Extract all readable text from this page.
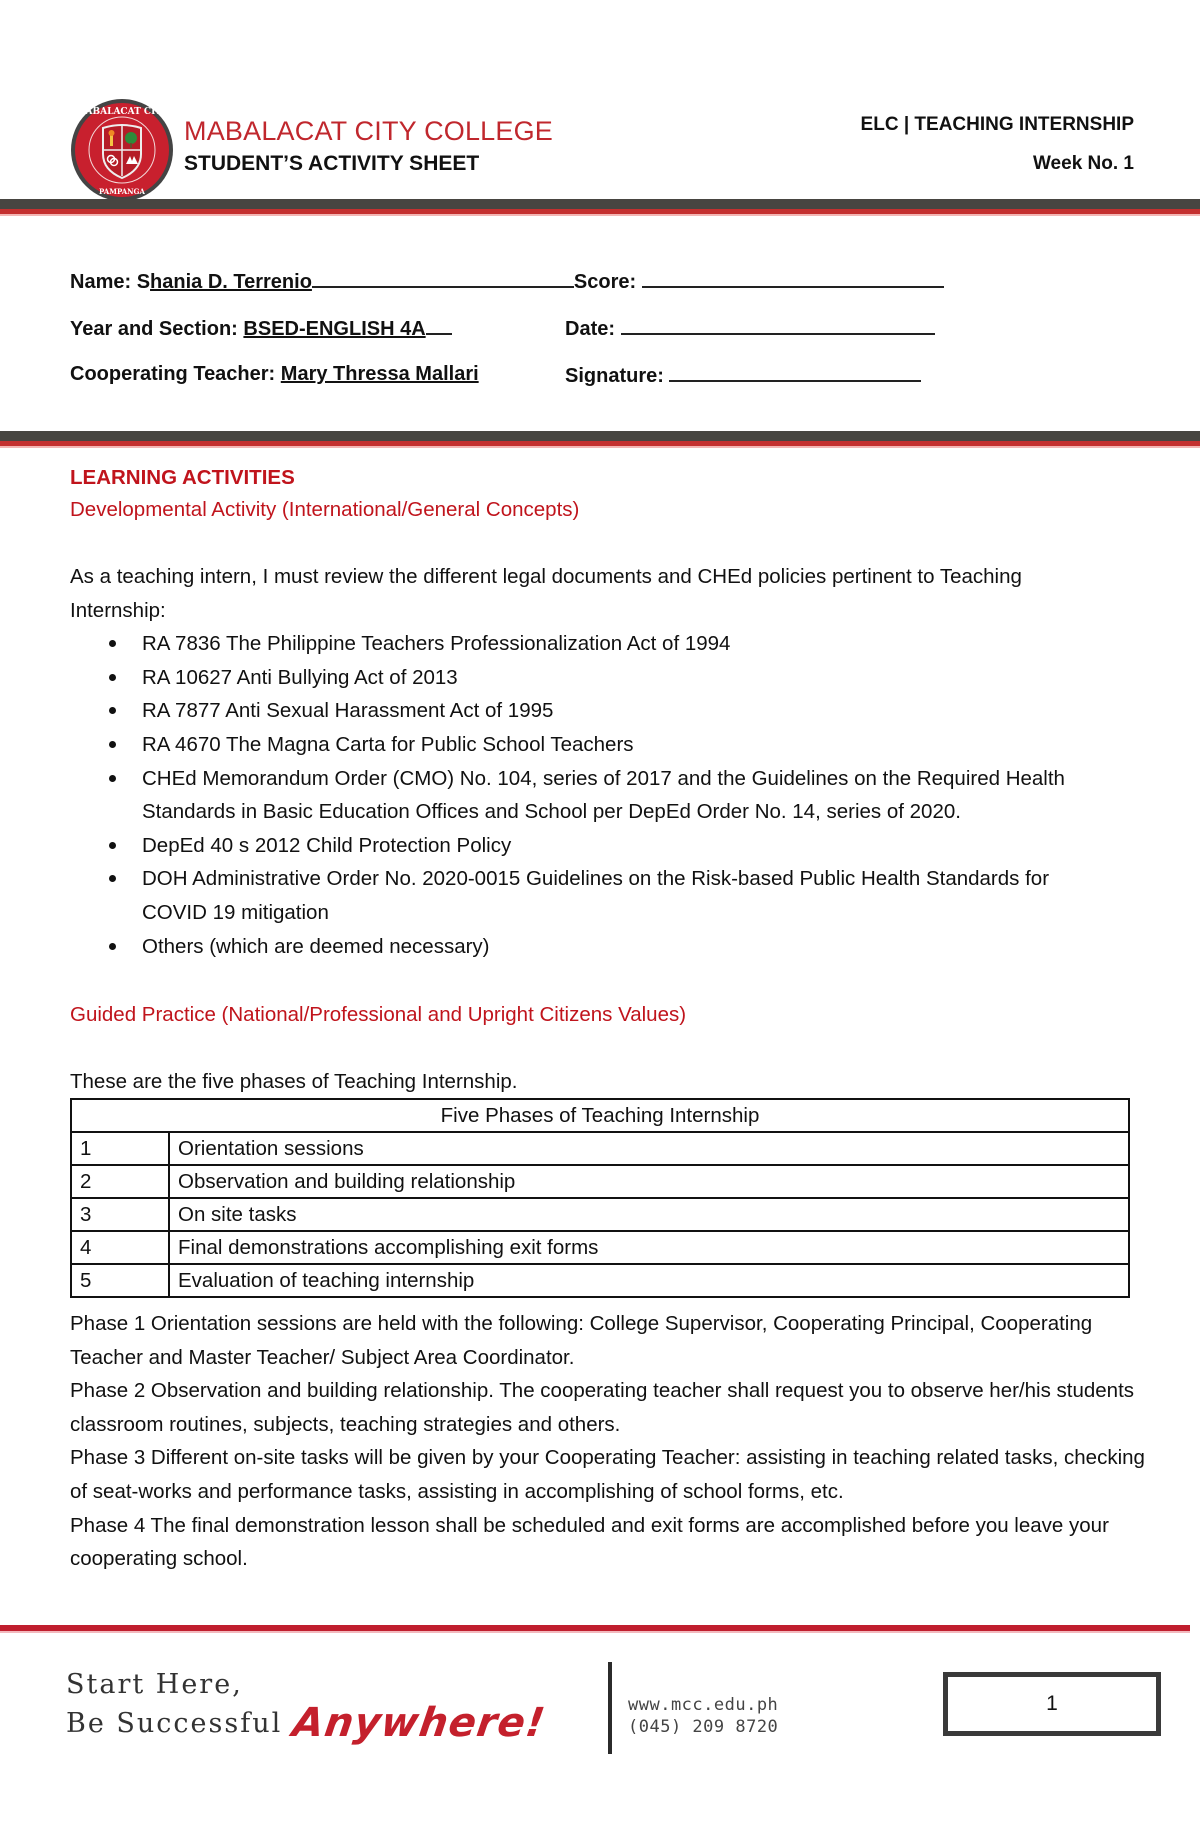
MABALACAT CITY
PAMPANGA
MABALACAT CITY COLLEGE
STUDENT’S ACTIVITY SHEET
ELC | TEACHING INTERNSHIP
Week No. 1
Name: Shania D. Terrenio	Score:
Year and Section: BSED-ENGLISH 4A	Date:
Cooperating Teacher: Mary Thressa Mallari	Signature:
LEARNING ACTIVITIES
Developmental Activity (International/General Concepts)
As a teaching intern, I must review the different legal documents and CHEd policies pertinent to Teaching Internship:
RA 7836 The Philippine Teachers Professionalization Act of 1994
RA 10627 Anti Bullying Act of 2013
RA 7877 Anti Sexual Harassment Act of 1995
RA 4670 The Magna Carta for Public School Teachers
CHEd Memorandum Order (CMO) No. 104, series of 2017 and the Guidelines on the Required Health Standards in Basic Education Offices and School per DepEd Order No. 14, series of 2020.
DepEd 40 s 2012 Child Protection Policy
DOH Administrative Order No. 2020-0015 Guidelines on the Risk-based Public Health Standards for COVID 19 mitigation
Others (which are deemed necessary)
Guided Practice (National/Professional and Upright Citizens Values)
These are the five phases of Teaching Internship.
Five Phases of Teaching Internship	
1	Orientation sessions
2	Observation and building relationship
3	On site tasks
4	Final demonstrations accomplishing exit forms
5	Evaluation of teaching internship
Phase 1 Orientation sessions are held with the following: College Supervisor, Cooperating Principal, Cooperating Teacher and Master Teacher/ Subject Area Coordinator.
Phase 2 Observation and building relationship. The cooperating teacher shall request you to observe her/his students classroom routines, subjects, teaching strategies and others.
Phase 3 Different on-site tasks will be given by your Cooperating Teacher: assisting in teaching related tasks, checking of seat-works and performance tasks, assisting in accomplishing of school forms, etc.
Phase 4 The final demonstration lesson shall be scheduled and exit forms are accomplished before you leave your cooperating school.
Start Here,
Be Successful Anywhere!	www.mcc.edu.ph
(045) 209 8720
1
